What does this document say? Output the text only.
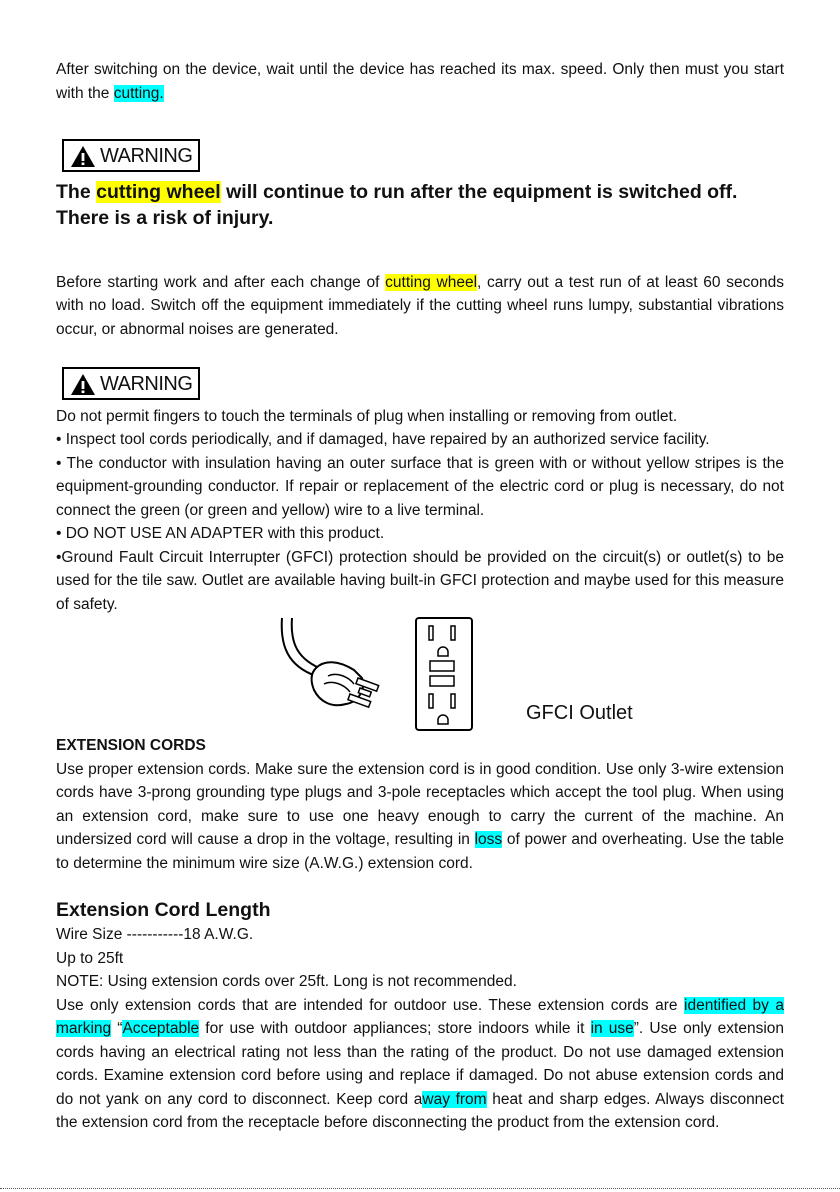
After switching on the device, wait until the device has reached its max. speed. Only then must you start with the cutting.

WARNING
The cutting wheel will continue to run after the equipment is switched off.
There is a risk of injury.

Before starting work and after each change of cutting wheel, carry out a test run of at least 60 seconds with no load. Switch off the equipment immediately if the cutting wheel runs lumpy, substantial vibrations occur, or abnormal noises are generated.

WARNING
Do not permit fingers to touch the terminals of plug when installing or removing from outlet.
• Inspect tool cords periodically, and if damaged, have repaired by an authorized service facility.
• The conductor with insulation having an outer surface that is green with or without yellow stripes is the equipment-grounding conductor. If repair or replacement of the electric cord or plug is necessary, do not connect the green (or green and yellow) wire to a live terminal.
• DO NOT USE AN ADAPTER with this product.
•Ground Fault Circuit Interrupter (GFCI) protection should be provided on the circuit(s) or outlet(s) to be used for the tile saw. Outlet are available having built-in GFCI protection and maybe used for this measure of safety.
GFCI Outlet
EXTENSION CORDS

Use proper extension cords. Make sure the extension cord is in good condition. Use only 3-wire extension cords have 3-prong grounding type plugs and 3-pole receptacles which accept the tool plug. When using an extension cord, make sure to use one heavy enough to carry the current of the machine. An undersized cord will cause a drop in the voltage, resulting in loss of power and overheating. Use the table to determine the minimum wire size (A.W.G.) extension cord.

Extension Cord Length
Wire Size -----------18 A.W.G.
Up to 25ft
NOTE: Using extension cords over 25ft. Long is not recommended.

Use only extension cords that are intended for outdoor use. These extension cords are identified by a marking “Acceptable for use with outdoor appliances; store indoors while it in use”. Use only extension cords having an electrical rating not less than the rating of the product. Do not use damaged extension cords. Examine extension cord before using and replace if damaged. Do not abuse extension cords and do not yank on any cord to disconnect. Keep cord away from heat and sharp edges. Always disconnect the extension cord from the receptacle before disconnecting the product from the extension cord.
